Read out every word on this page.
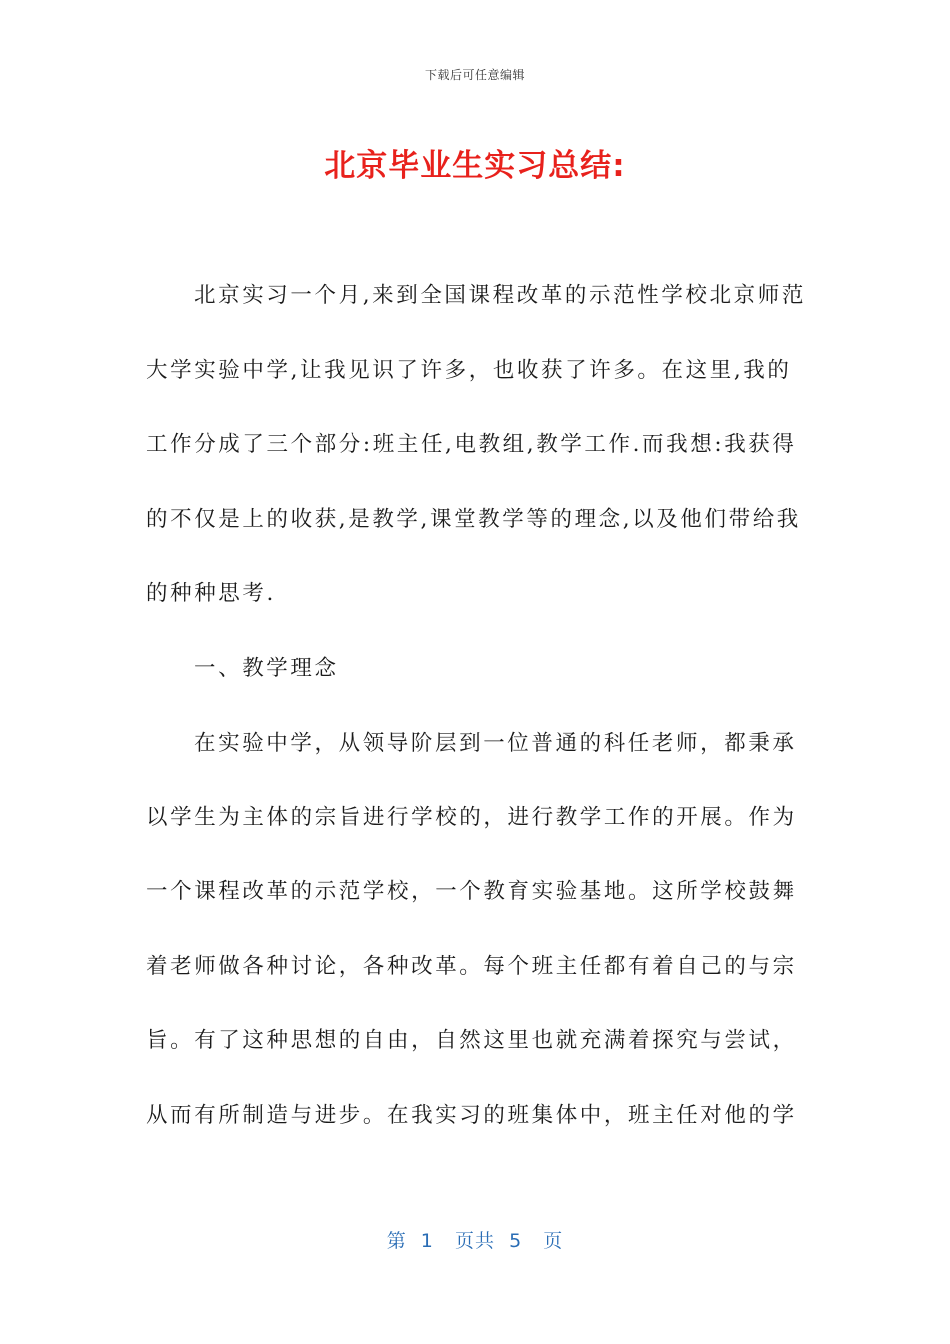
下载后可任意编辑
北京毕业生实习总结:
北京实习一个月,来到全国课程改革的示范性学校北京师范
大学实验中学,让我见识了许多，也收获了许多。在这里,我的
工作分成了三个部分:班主任,电教组,教学工作.而我想:我获得
的不仅是上的收获,是教学,课堂教学等的理念,以及他们带给我
的种种思考.
一、教学理念
在实验中学，从领导阶层到一位普通的科任老师，都秉承
以学生为主体的宗旨进行学校的，进行教学工作的开展。作为
一个课程改革的示范学校，一个教育实验基地。这所学校鼓舞
着老师做各种讨论，各种改革。每个班主任都有着自己的与宗
旨。有了这种思想的自由，自然这里也就充满着探究与尝试，
从而有所制造与进步。在我实习的班集体中，班主任对他的学
第  1   页共  5   页
